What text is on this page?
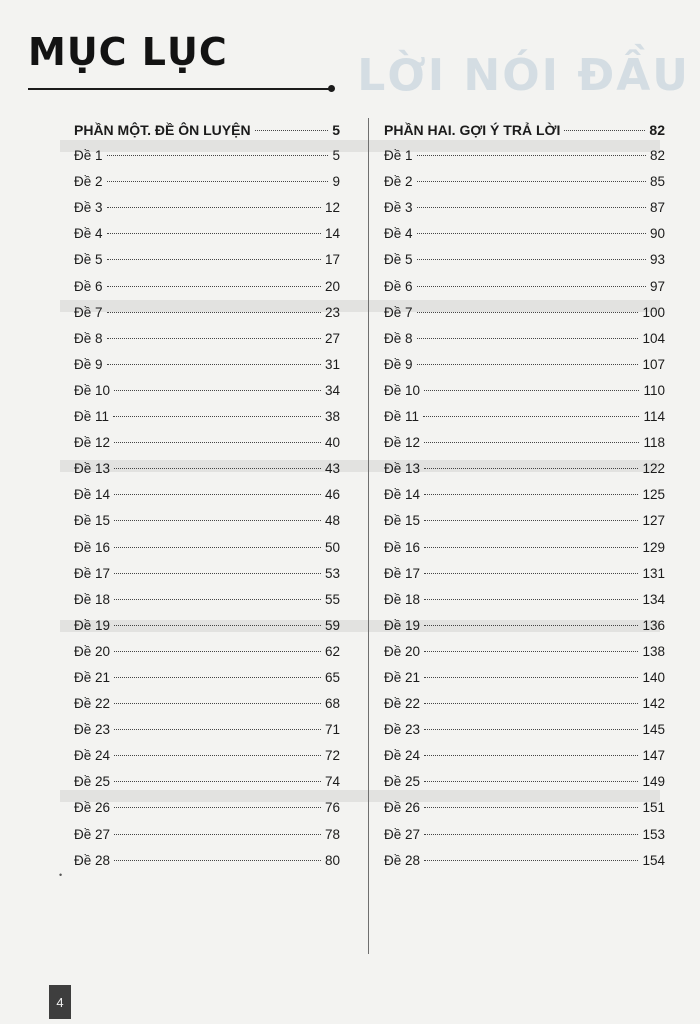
LỜI NÓI ĐẦU
MỤC LỤC
•
PHẦN MỘT. ĐỀ ÔN LUYỆN	5
Đề 1	5
Đề 2	9
Đề 3	12
Đề 4	14
Đề 5	17
Đề 6	20
Đề 7	23
Đề 8	27
Đề 9	31
Đề 10	34
Đề 11	38
Đề 12	40
Đề 13	43
Đề 14	46
Đề 15	48
Đề 16	50
Đề 17	53
Đề 18	55
Đề 19	59
Đề 20	62
Đề 21	65
Đề 22	68
Đề 23	71
Đề 24	72
Đề 25	74
Đề 26	76
Đề 27	78
Đề 28	80
PHẦN HAI. GỢI Ý TRẢ LỜI	82
Đề 1	82
Đề 2	85
Đề 3	87
Đề 4	90
Đề 5	93
Đề 6	97
Đề 7	100
Đề 8	104
Đề 9	107
Đề 10	110
Đề 11	114
Đề 12	118
Đề 13	122
Đề 14	125
Đề 15	127
Đề 16	129
Đề 17	131
Đề 18	134
Đề 19	136
Đề 20	138
Đề 21	140
Đề 22	142
Đề 23	145
Đề 24	147
Đề 25	149
Đề 26	151
Đề 27	153
Đề 28	154
4
